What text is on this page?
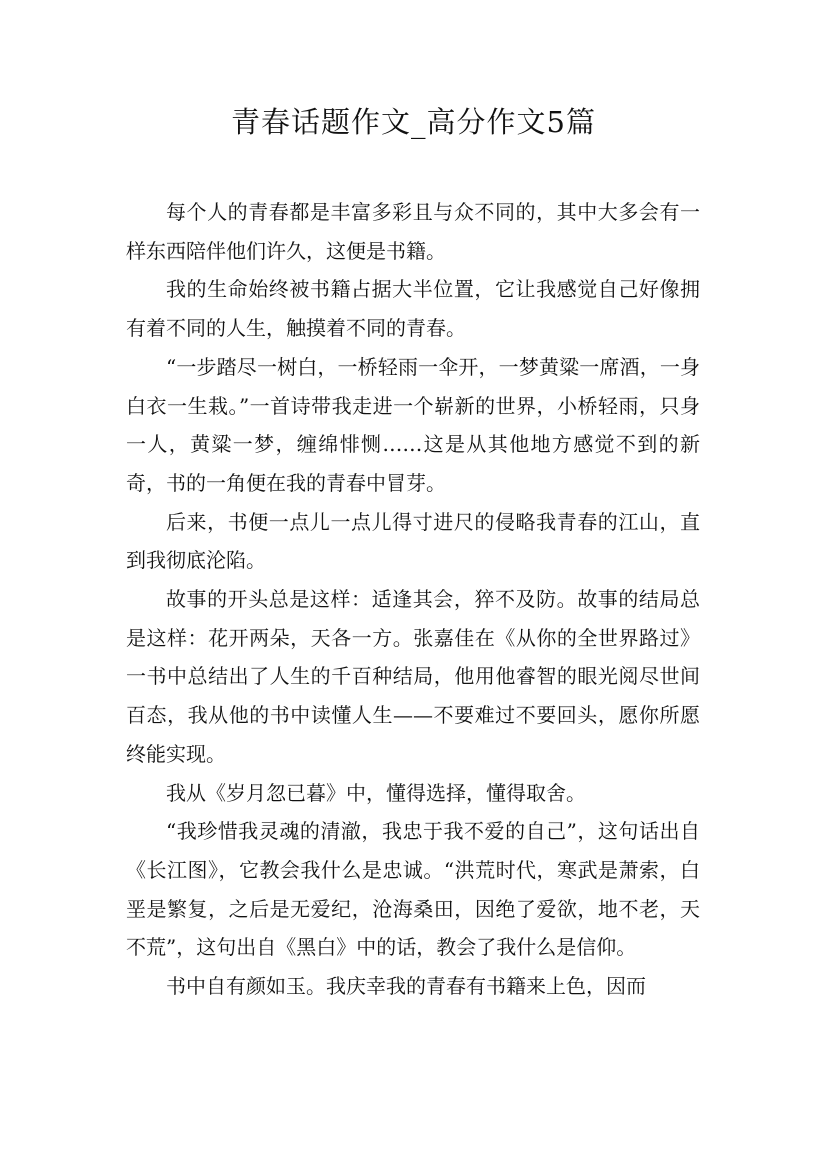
青春话题作文_高分作文5篇

每个人的青春都是丰富多彩且与众不同的，其中大多会有一样东西陪伴他们许久，这便是书籍。

我的生命始终被书籍占据大半位置，它让我感觉自己好像拥有着不同的人生，触摸着不同的青春。

“一步踏尽一树白，一桥轻雨一伞开，一梦黄粱一席酒，一身白衣一生栽。”一首诗带我走进一个崭新的世界，小桥轻雨，只身一人，黄粱一梦，缠绵悱恻……这是从其他地方感觉不到的新奇，书的一角便在我的青春中冒芽。

后来，书便一点儿一点儿得寸进尺的侵略我青春的江山，直到我彻底沦陷。

故事的开头总是这样：适逢其会，猝不及防。故事的结局总是这样：花开两朵，天各一方。张嘉佳在《从你的全世界路过》一书中总结出了人生的千百种结局，他用他睿智的眼光阅尽世间百态，我从他的书中读懂人生——不要难过不要回头，愿你所愿终能实现。

我从《岁月忽已暮》中，懂得选择，懂得取舍。

“我珍惜我灵魂的清澈，我忠于我不爱的自己”，这句话出自《长江图》，它教会我什么是忠诚。“洪荒时代，寒武是萧索，白垩是繁复，之后是无爱纪，沧海桑田，因绝了爱欲，地不老，天不荒”，这句出自《黑白》中的话，教会了我什么是信仰。

书中自有颜如玉。我庆幸我的青春有书籍来上色，因而
